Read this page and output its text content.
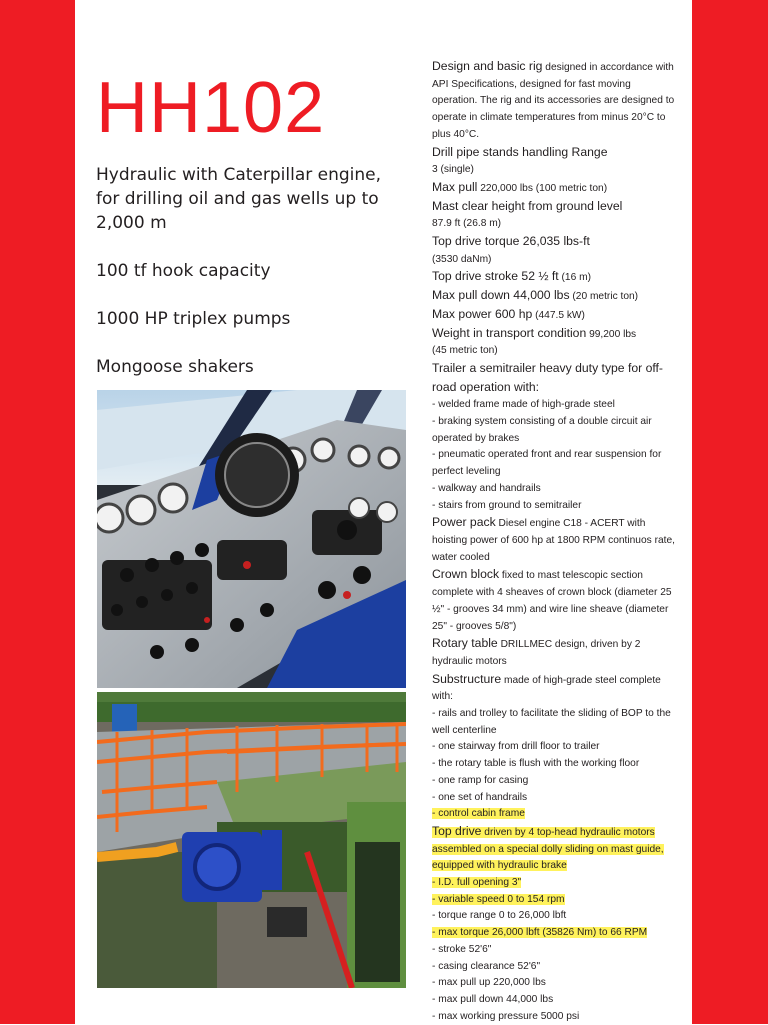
HH102

Hydraulic with Caterpillar engine, for drilling oil and gas wells up to 2,000 m

100 tf hook capacity

1000 HP triplex pumps

Mongoose shakers

Design and basic rig designed in accordance with API Specifications, designed for fast moving operation. The rig and its accessories are designed to operate in climate temperatures from minus 20°C to plus 40°C.

Drill pipe stands handling Range
3 (single)

Max pull 220,000 lbs (100 metric ton)

Mast clear height from ground level
87.9 ft (26.8 m)

Top drive torque 26,035 lbs-ft
(3530 daNm)

Top drive stroke 52 ½ ft (16 m)

Max pull down 44,000 lbs (20 metric ton)

Max power 600 hp (447.5 kW)

Weight in transport condition 99,200 lbs
(45 metric ton)

Trailer a semitrailer heavy duty type for off-road operation with:
- welded frame made of high-grade steel
- braking system consisting of a double circuit air operated by brakes
- pneumatic operated front and rear suspension for perfect leveling
- walkway and handrails
- stairs from ground to semitrailer

Power pack Diesel engine C18 - ACERT with hoisting power of 600 hp at 1800 RPM continuos rate, water cooled

Crown block fixed to mast telescopic section complete with 4 sheaves of crown block (diameter 25 ½" - grooves 34 mm) and wire line sheave (diameter 25" - grooves 5/8")

Rotary table DRILLMEC design, driven by 2 hydraulic motors

Substructure made of high-grade steel complete with:
- rails and trolley to facilitate the sliding of BOP to the well centerline
- one stairway from drill floor to trailer
- the rotary table is flush with the working floor
- one ramp for casing
- one set of handrails
- control cabin frame
Top drive driven by 4 top-head hydraulic motors assembled on a special dolly sliding on mast guide, equipped with hydraulic brake
- I.D. full opening 3"
- variable speed 0 to 154 rpm
- torque range 0 to 26,000 lbft
- max torque 26,000 lbft (35826 Nm) to 66 RPM
- stroke 52'6"
- casing clearance 52'6"
- max pull up 220,000 lbs
- max pull down 44,000 lbs
- max working pressure 5000 psi
